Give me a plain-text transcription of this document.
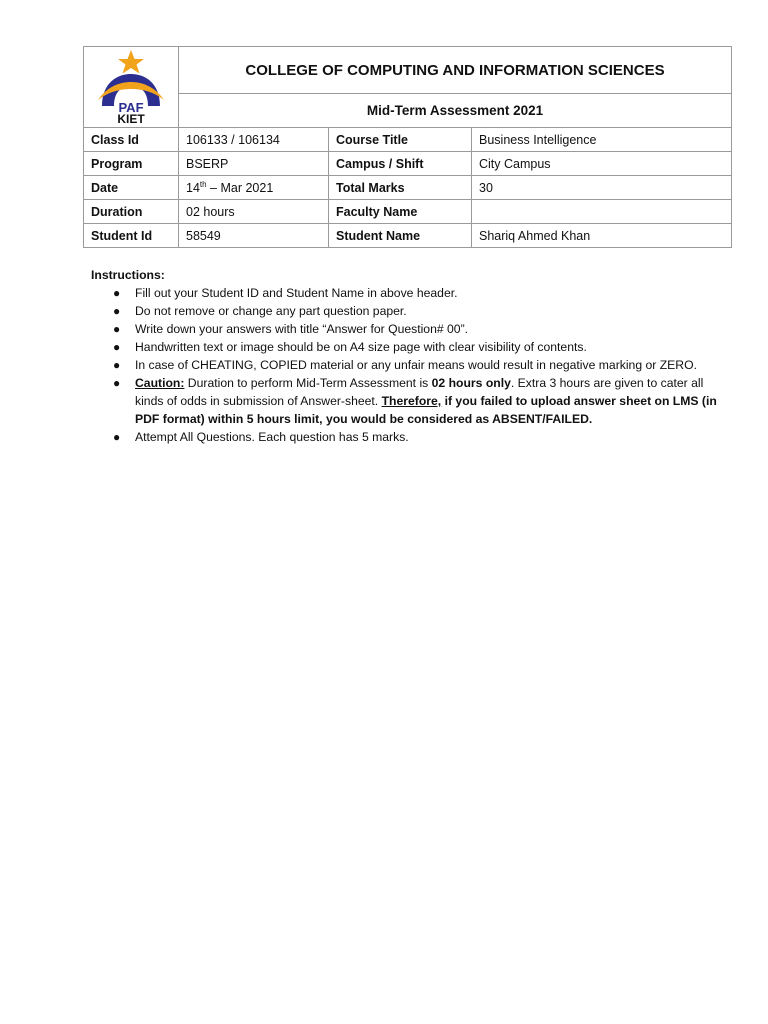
PAF
KIET	COLLEGE OF COMPUTING AND INFORMATION SCIENCES		
	Mid-Term Assessment 2021		
Class Id	106133 / 106134	Course Title	Business Intelligence
Program	BSERP	Campus / Shift	City Campus
Date	14th – Mar 2021	Total Marks	30
Duration	02 hours	Faculty Name	
Student Id	58549	Student Name	Shariq Ahmed Khan
Instructions:
● Fill out your Student ID and Student Name in above header.
● Do not remove or change any part question paper.
● Write down your answers with title “Answer for Question# 00”.
● Handwritten text or image should be on A4 size page with clear visibility of contents.
● In case of CHEATING, COPIED material or any unfair means would result in negative marking or ZERO.
● Caution: Duration to perform Mid-Term Assessment is 02 hours only. Extra 3 hours are given to cater all kinds of odds in submission of Answer-sheet. Therefore, if you failed to upload answer sheet on LMS (in PDF format) within 5 hours limit, you would be considered as ABSENT/FAILED.
● Attempt All Questions. Each question has 5 marks.
